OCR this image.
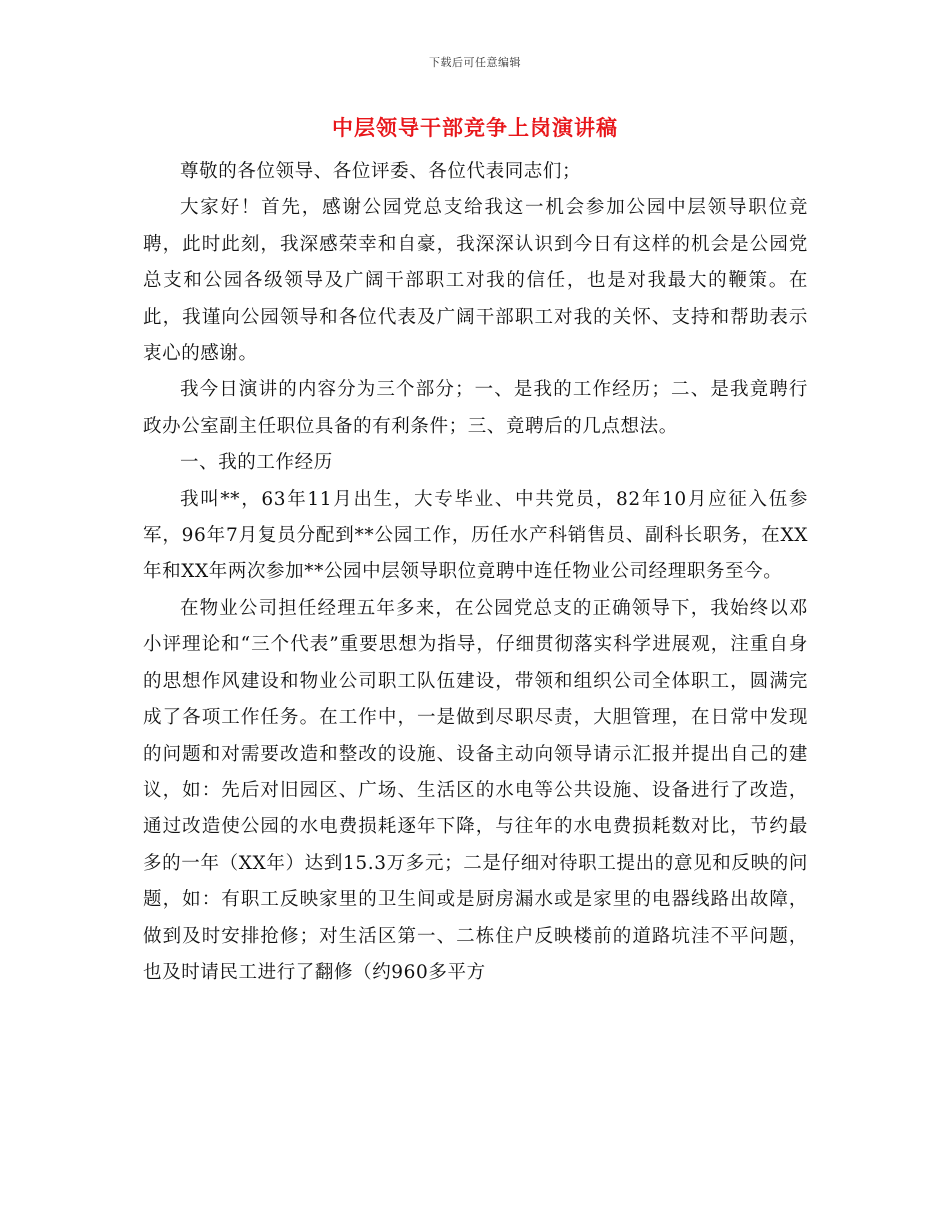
下载后可任意编辑
中层领导干部竞争上岗演讲稿

尊敬的各位领导、各位评委、各位代表同志们；

大家好！首先，感谢公园党总支给我这一机会参加公园中层领导职位竞聘，此时此刻，我深感荣幸和自豪，我深深认识到今日有这样的机会是公园党总支和公园各级领导及广阔干部职工对我的信任，也是对我最大的鞭策。在此，我谨向公园领导和各位代表及广阔干部职工对我的关怀、支持和帮助表示衷心的感谢。

我今日演讲的内容分为三个部分；一、是我的工作经历；二、是我竟聘行政办公室副主任职位具备的有利条件；三、竟聘后的几点想法。

一、我的工作经历

我叫**，63年11月出生，大专毕业、中共党员，82年10月应征入伍参军，96年7月复员分配到**公园工作，历任水产科销售员、副科长职务，在XX年和XX年两次参加**公园中层领导职位竟聘中连任物业公司经理职务至今。

在物业公司担任经理五年多来，在公园党总支的正确领导下，我始终以邓小评理论和“三个代表”重要思想为指导，仔细贯彻落实科学进展观，注重自身的思想作风建设和物业公司职工队伍建设，带领和组织公司全体职工，圆满完成了各项工作任务。在工作中，一是做到尽职尽责，大胆管理，在日常中发现的问题和对需要改造和整改的设施、设备主动向领导请示汇报并提出自己的建议，如：先后对旧园区、广场、生活区的水电等公共设施、设备进行了改造，通过改造使公园的水电费损耗逐年下降，与往年的水电费损耗数对比，节约最多的一年（XX年）达到15.3万多元；二是仔细对待职工提出的意见和反映的问题，如：有职工反映家里的卫生间或是厨房漏水或是家里的电器线路出故障，做到及时安排抢修；对生活区第一、二栋住户反映楼前的道路坑洼不平问题，也及时请民工进行了翻修（约960多平方
